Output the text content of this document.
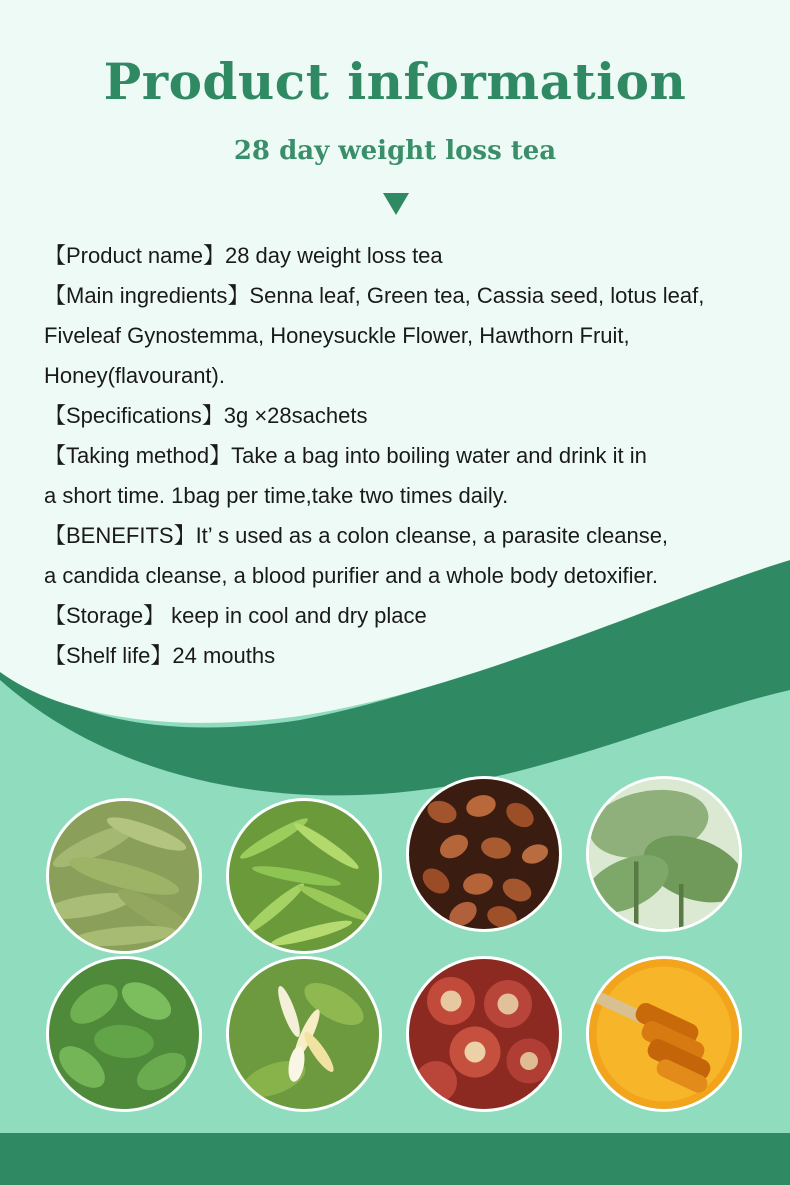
Product information
28 day weight loss tea

【Product name】28 day weight loss tea

【Main ingredients】Senna leaf, Green tea, Cassia seed, lotus leaf,

Fiveleaf Gynostemma, Honeysuckle Flower, Hawthorn Fruit,

Honey(flavourant).

【Specifications】3g ×28sachets

【Taking method】Take a bag into boiling water and drink it in

a short time. 1bag per time,take two times daily.

【BENEFITS】It’ s used as a colon cleanse, a parasite cleanse,

a candida cleanse, a blood purifier and a whole body detoxifier.

【Storage】 keep in cool and dry place

【Shelf life】24 mouths
